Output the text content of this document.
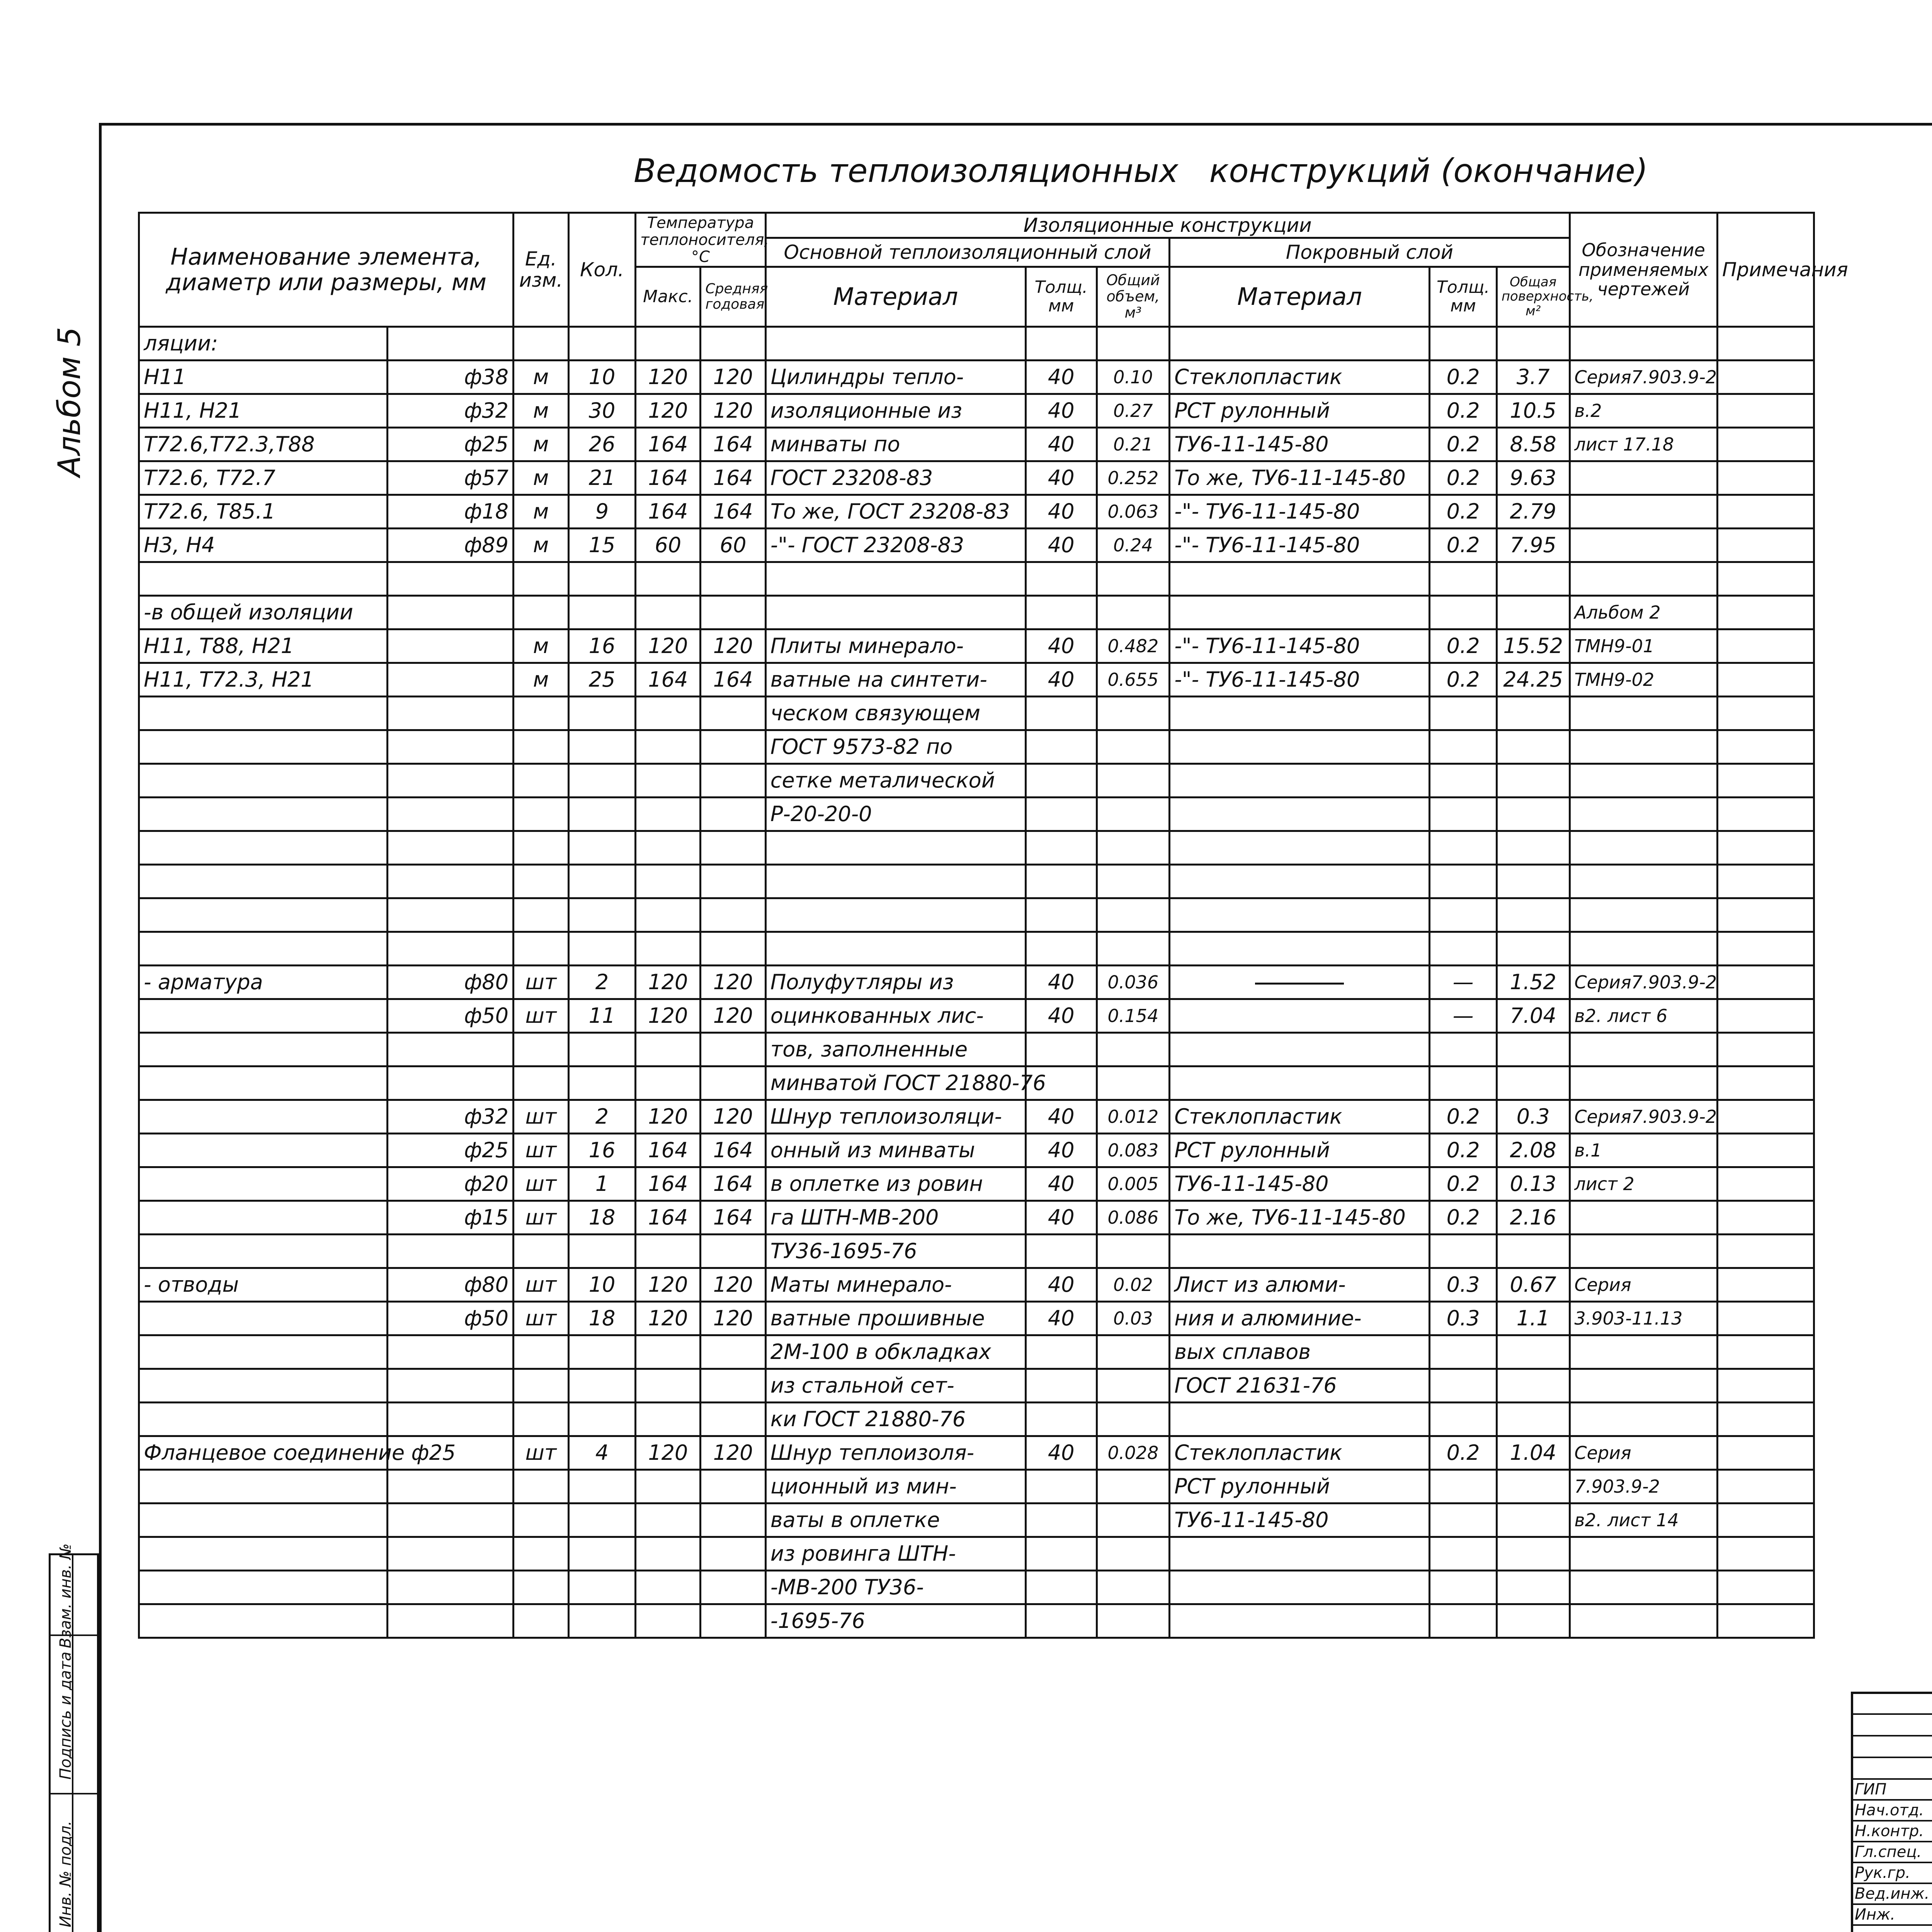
Альбом 5
Ведомость теплоизоляционных   конструкций (окончание)
Наименование элемента, диаметр или размеры, мм		Ед. изм.	Кол.	Температура теплоносителя, °С		Изоляционные конструкции						Обозначение применяемых чертежей	Примечания
						Основной теплоизоляционный слой			Покровный слой				
				Макс.	Средняя годовая	Материал	Толщ. мм	Общий объем, м³	Материал	Толщ. мм	Общая поверхность, м²		
ляции:													
Н11	ф38	м	10	120	120	Цилиндры тепло-	40	0.10	Стеклопластик	0.2	3.7	Серия7.903.9-2	
Н11, Н21	ф32	м	30	120	120	изоляционные из	40	0.27	РСТ рулонный	0.2	10.5	в.2	
Т72.6,Т72.3,Т88	ф25	м	26	164	164	минваты по	40	0.21	ТУ6-11-145-80	0.2	8.58	лист 17.18	
Т72.6, Т72.7	ф57	м	21	164	164	ГОСТ 23208-83	40	0.252	То же, ТУ6-11-145-80	0.2	9.63		
Т72.6, Т85.1	ф18	м	9	164	164	То же, ГОСТ 23208-83	40	0.063	-"- ТУ6-11-145-80	0.2	2.79		
Н3, Н4	ф89	м	15	60	60	-"- ГОСТ 23208-83	40	0.24	-"- ТУ6-11-145-80	0.2	7.95		

-в общей изоляции												Альбом 2	
Н11, Т88, Н21		м	16	120	120	Плиты минерало-	40	0.482	-"- ТУ6-11-145-80	0.2	15.52	ТМН9-01	
Н11, Т72.3, Н21		м	25	164	164	ватные на синтети-	40	0.655	-"- ТУ6-11-145-80	0.2	24.25	ТМН9-02	
						ческом связующем							
						ГОСТ 9573-82 по							
						сетке металической							
						Р-20-20-0							

- арматура	ф80	шт	2	120	120	Полуфутляры из	40	0.036		—	1.52	Серия7.903.9-2	
	ф50	шт	11	120	120	оцинкованных лис-	40	0.154		—	7.04	в2. лист 6	
						тов, заполненные							
						минватой ГОСТ 21880-76							
	ф32	шт	2	120	120	Шнур теплоизоляци-	40	0.012	Стеклопластик	0.2	0.3	Серия7.903.9-2	
	ф25	шт	16	164	164	онный из минваты	40	0.083	РСТ рулонный	0.2	2.08	в.1	
	ф20	шт	1	164	164	в оплетке из ровин	40	0.005	ТУ6-11-145-80	0.2	0.13	лист 2	
	ф15	шт	18	164	164	га ШТН-МВ-200	40	0.086	То же, ТУ6-11-145-80	0.2	2.16		
						ТУ36-1695-76							
- отводы	ф80	шт	10	120	120	Маты минерало-	40	0.02	Лист из алюми-	0.3	0.67	Серия	
	ф50	шт	18	120	120	ватные прошивные	40	0.03	ния и алюминие-	0.3	1.1	3.903-11.13	
						2М-100 в обкладках			вых сплавов				
						из стальной сет-			ГОСТ 21631-76				
						ки ГОСТ 21880-76							
Фланцевое соединение ф25		шт	4	120	120	Шнур теплоизоля-	40	0.028	Стеклопластик	0.2	1.04	Серия	
						ционный из мин-			РСТ рулонный			7.903.9-2	
						ваты в оплетке			ТУ6-11-145-80			в2. лист 14	
						из ровинга ШТН-							
						-МВ-200 ТУ36-							
						-1695-76							

ГИП			
Нач.отд.			
Н.контр.			
Гл.спец.			
Рук.гр.			
Вед.инж.			
Инж.			

Инв. № подл.
Подпись и дата
Взам. инв. №
